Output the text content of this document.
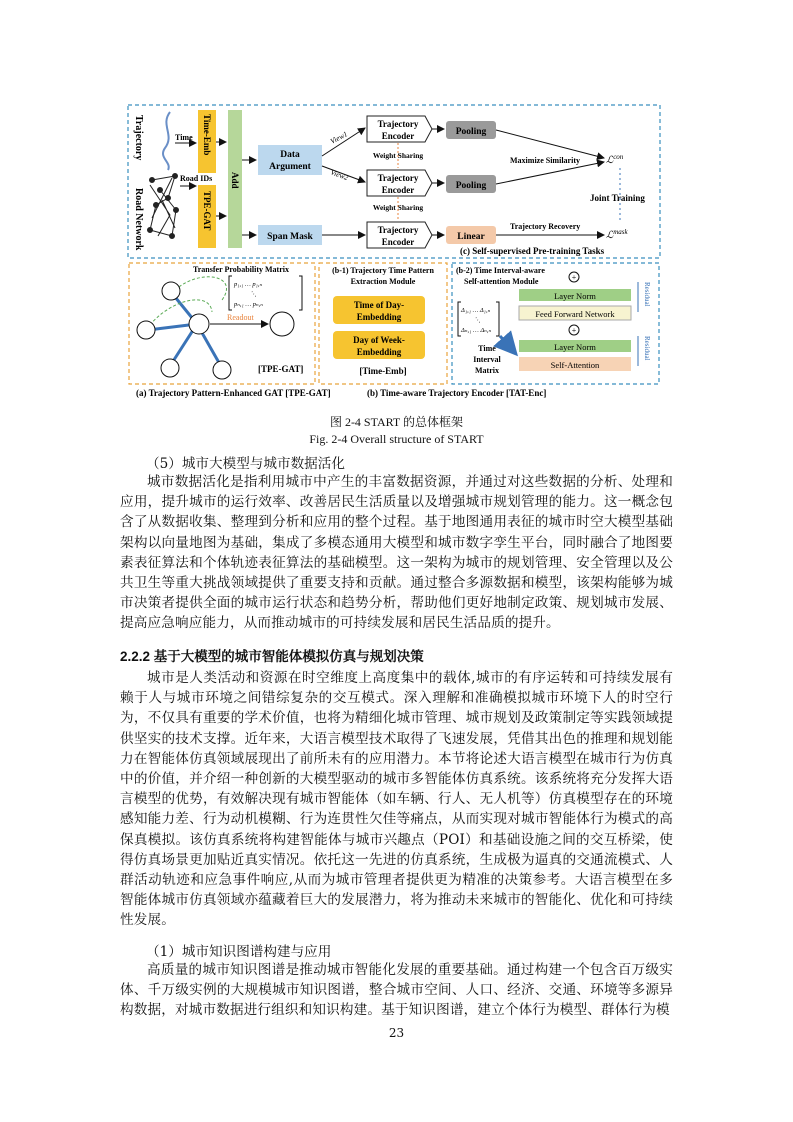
Trajectory
Road Network
Time
Road IDs
Time-Emb
TPE-GAT
Add
Data
Argument
Span Mask
View1
View2
Trajectory
Encoder
Weight Sharing
Trajectory
Encoder
Weight Sharing
Trajectory
Encoder
Pooling
Pooling
Linear
Maximize Similarity	ℒ$^{con}$
Joint Training
Trajectory Recovery
ℒ$^{mask}$
(c) Self-supervised Pre-training Tasks
Transfer Probability Matrix
p₁,₁ … p₁,ₙ
⋱
pₙ,₁ … pₙ,ₙ
Readout
[TPE-GAT]
(b-1) Trajectory Time Pattern
Extraction Module
Time of Day-
Embedding
Day of Week-
Embedding
[Time-Emb]
(b-2) Time Interval-aware
Self-attention Module	+
Layer Norm
Feed Forward Network
+
Layer Norm
Self-Attention
Residual
Residual
Δ₁,₁ … Δ₁,ₙ
⋱
Δₙ,₁ … Δₙ,ₙ
Time
Interval
Matrix
(a) Trajectory Pattern-Enhanced GAT [TPE-GAT]	(b) Time-aware Trajectory Encoder [TAT-Enc]
图 2-4 START 的总体框架
Fig. 2-4 Overall structure of START
（5）城市大模型与城市数据活化
城市数据活化是指利用城市中产生的丰富数据资源，并通过对这些数据的分析、处理和应用，提升城市的运行效率、改善居民生活质量以及增强城市规划管理的能力。这一概念包含了从数据收集、整理到分析和应用的整个过程。基于地图通用表征的城市时空大模型基础架构以向量地图为基础，集成了多模态通用大模型和城市数字孪生平台，同时融合了地图要素表征算法和个体轨迹表征算法的基础模型。这一架构为城市的规划管理、安全管理以及公共卫生等重大挑战领域提供了重要支持和贡献。通过整合多源数据和模型，该架构能够为城市决策者提供全面的城市运行状态和趋势分析，帮助他们更好地制定政策、规划城市发展、提高应急响应能力，从而推动城市的可持续发展和居民生活品质的提升。
2.2.2 基于大模型的城市智能体模拟仿真与规划决策
城市是人类活动和资源在时空维度上高度集中的载体,城市的有序运转和可持续发展有赖于人与城市环境之间错综复杂的交互模式。深入理解和准确模拟城市环境下人的时空行为，不仅具有重要的学术价值，也将为精细化城市管理、城市规划及政策制定等实践领域提供坚实的技术支撑。近年来，大语言模型技术取得了飞速发展，凭借其出色的推理和规划能力在智能体仿真领域展现出了前所未有的应用潜力。本节将论述大语言模型在城市行为仿真中的价值，并介绍一种创新的大模型驱动的城市多智能体仿真系统。该系统将充分发挥大语言模型的优势，有效解决现有城市智能体（如车辆、行人、无人机等）仿真模型存在的环境感知能力差、行为动机模糊、行为连贯性欠佳等痛点，从而实现对城市智能体行为模式的高保真模拟。该仿真系统将构建智能体与城市兴趣点（POI）和基础设施之间的交互桥梁，使得仿真场景更加贴近真实情况。依托这一先进的仿真系统，生成极为逼真的交通流模式、人群活动轨迹和应急事件响应,从而为城市管理者提供更为精准的决策参考。大语言模型在多智能体城市仿真领域亦蕴藏着巨大的发展潜力，将为推动未来城市的智能化、优化和可持续性发展。
（1）城市知识图谱构建与应用
高质量的城市知识图谱是推动城市智能化发展的重要基础。通过构建一个包含百万级实体、千万级实例的大规模城市知识图谱，整合城市空间、人口、经济、交通、环境等多源异构数据，对城市数据进行组织和知识构建。基于知识图谱，建立个体行为模型、群体行为模
23
